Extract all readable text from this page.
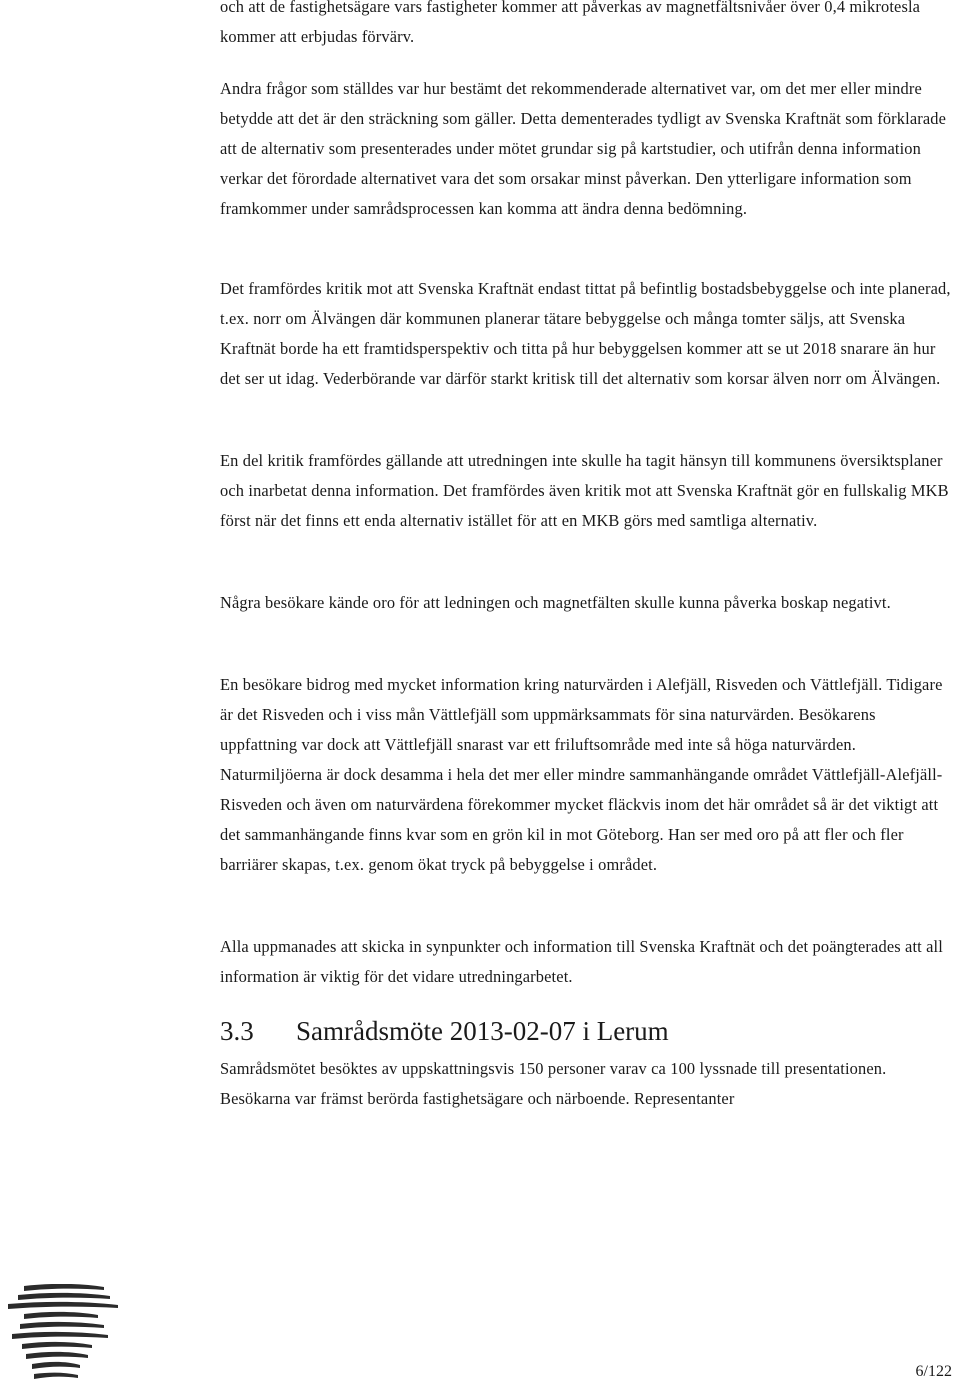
och att de fastighetsägare vars fastigheter kommer att påverkas av magnetfältsnivåer över 0,4 mikrotesla kommer att erbjudas förvärv.

Andra frågor som ställdes var hur bestämt det rekommenderade alternativet var, om det mer eller mindre betydde att det är den sträckning som gäller. Detta dementerades tydligt av Svenska Kraftnät som förklarade att de alternativ som presenterades under mötet grundar sig på kartstudier, och utifrån denna information verkar det förordade alternativet vara det som orsakar minst påverkan. Den ytterligare information som framkommer under samrådsprocessen kan komma att ändra denna bedömning.

Det framfördes kritik mot att Svenska Kraftnät endast tittat på befintlig bostadsbebyggelse och inte planerad, t.ex. norr om Älvängen där kommunen planerar tätare bebyggelse och många tomter säljs, att Svenska Kraftnät borde ha ett framtidsperspektiv och titta på hur bebyggelsen kommer att se ut 2018 snarare än hur det ser ut idag. Vederbörande var därför starkt kritisk till det alternativ som korsar älven norr om Älvängen.

En del kritik framfördes gällande att utredningen inte skulle ha tagit hänsyn till kommunens översiktsplaner och inarbetat denna information. Det framfördes även kritik mot att Svenska Kraftnät gör en fullskalig MKB först när det finns ett enda alternativ istället för att en MKB görs med samtliga alternativ.

Några besökare kände oro för att ledningen och magnetfälten skulle kunna påverka boskap negativt.

En besökare bidrog med mycket information kring naturvärden i Alefjäll, Risveden och Vättlefjäll. Tidigare är det Risveden och i viss mån Vättlefjäll som uppmärksammats för sina naturvärden. Besökarens uppfattning var dock att Vättlefjäll snarast var ett friluftsområde med inte så höga naturvärden. Naturmiljöerna är dock desamma i hela det mer eller mindre sammanhängande området Vättlefjäll-Alefjäll-Risveden och även om naturvärdena förekommer mycket fläckvis inom det här området så är det viktigt att det sammanhängande finns kvar som en grön kil in mot Göteborg. Han ser med oro på att fler och fler barriärer skapas, t.ex. genom ökat tryck på bebyggelse i området.

Alla uppmanades att skicka in synpunkter och information till Svenska Kraftnät och det poängterades att all information är viktig för det vidare utredningarbetet.

3.3 Samrådsmöte 2013-02-07 i Lerum

Samrådsmötet besöktes av uppskattningsvis 150 personer varav ca 100 lyssnade till presentationen. Besökarna var främst berörda fastighetsägare och närboende. Representanter

6/122
